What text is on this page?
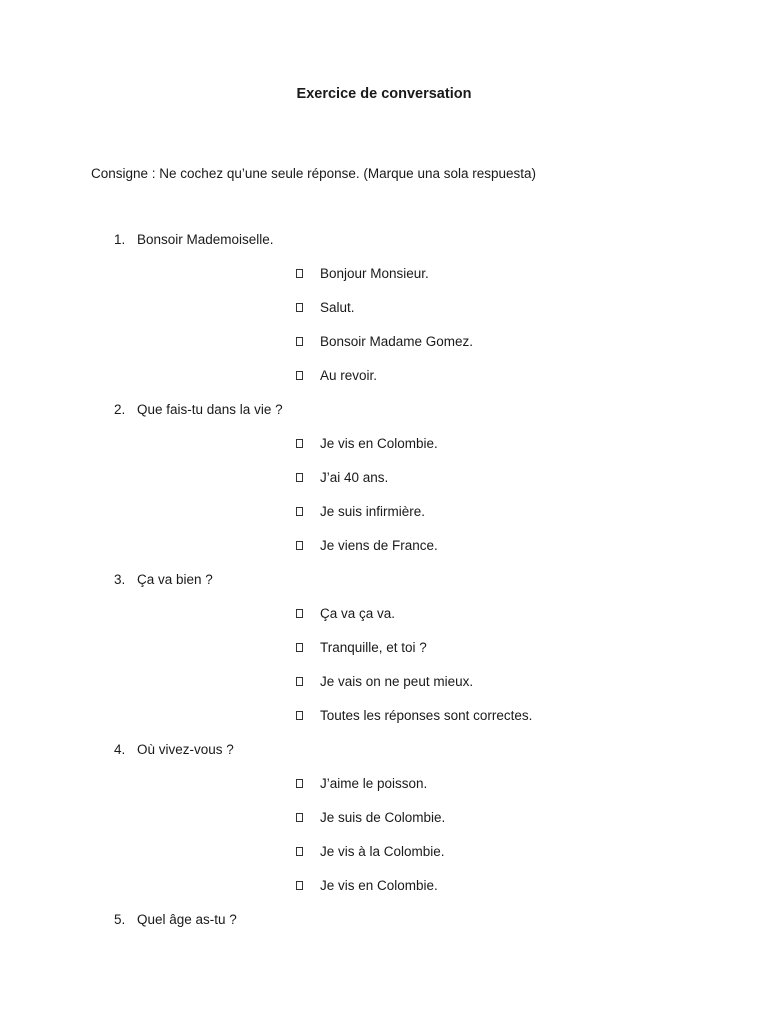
Exercice de conversation
Consigne : Ne cochez qu’une seule réponse. (Marque una sola respuesta)
1. Bonsoir Mademoiselle.
Bonjour Monsieur.
Salut.
Bonsoir Madame Gomez.
Au revoir.
2. Que fais-tu dans la vie ?
Je vis en Colombie.
J’ai 40 ans.
Je suis infirmière.
Je viens de France.
3. Ça va bien ?
Ça va ça va.
Tranquille, et toi ?
Je vais on ne peut mieux.
Toutes les réponses sont correctes.
4. Où vivez-vous ?
J’aime le poisson.
Je suis de Colombie.
Je vis à la Colombie.
Je vis en Colombie.
5. Quel âge as-tu ?
